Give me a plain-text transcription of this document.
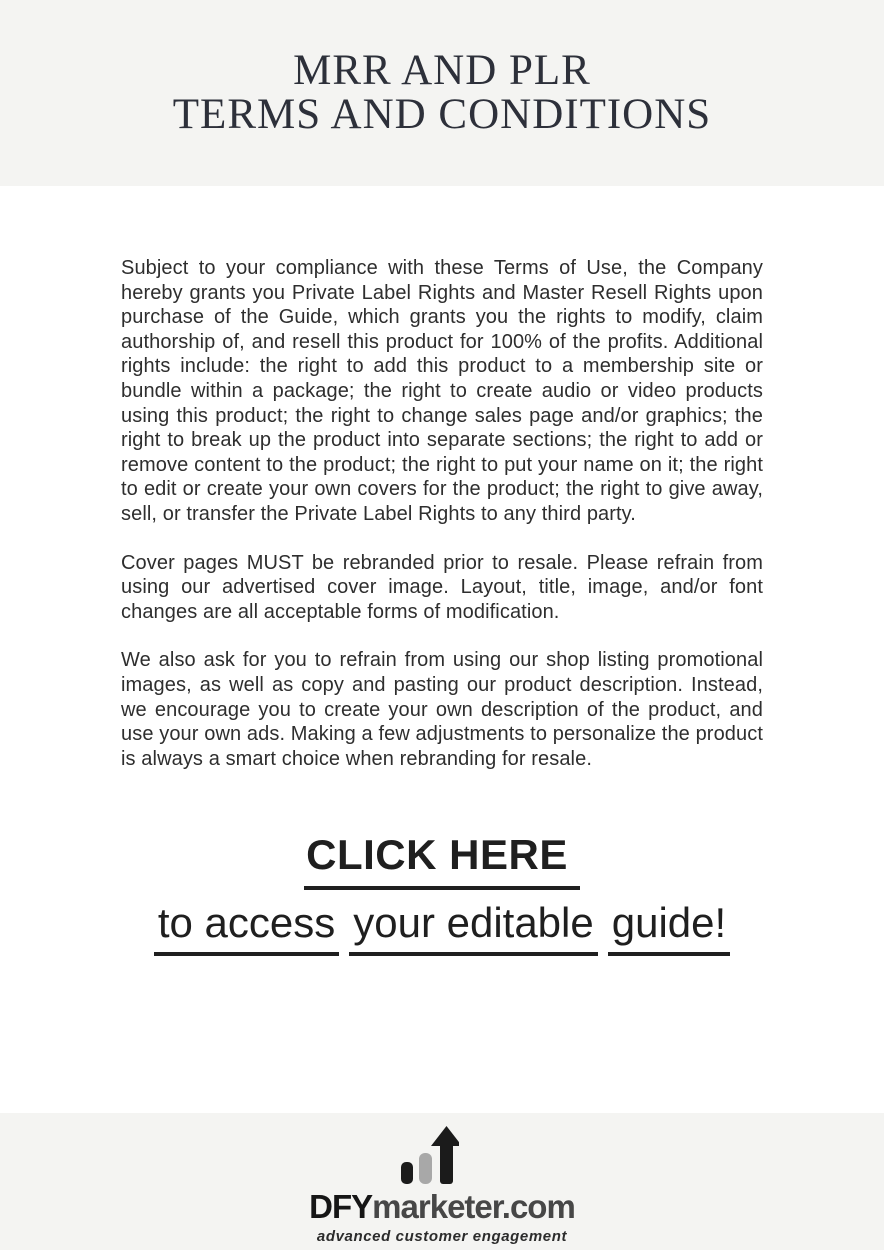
MRR AND PLR
TERMS AND CONDITIONS

Subject to your compliance with these Terms of Use, the Company hereby grants you Private Label Rights and Master Resell Rights upon purchase of the Guide, which grants you the rights to modify, claim authorship of, and resell this product for 100% of the profits. Additional rights include: the right to add this product to a membership site or bundle within a package; the right to create audio or video products using this product; the right to change sales page and/or graphics; the right to break up the product into separate sections; the right to add or remove content to the product; the right to put your name on it; the right to edit or create your own covers for the product; the right to give away, sell, or transfer the Private Label Rights to any third party.

Cover pages MUST be rebranded prior to resale. Please refrain from using our advertised cover image. Layout, title, image, and/or font changes are all acceptable forms of modification.

We also ask for you to refrain from using our shop listing promotional images, as well as copy and pasting our product description. Instead, we encourage you to create your own description of the product, and use your own ads. Making a few adjustments to personalize the product is always a smart choice when rebranding for resale.

CLICK HERE
to access your editable guide!
DFYmarketer.com
advanced customer engagement
